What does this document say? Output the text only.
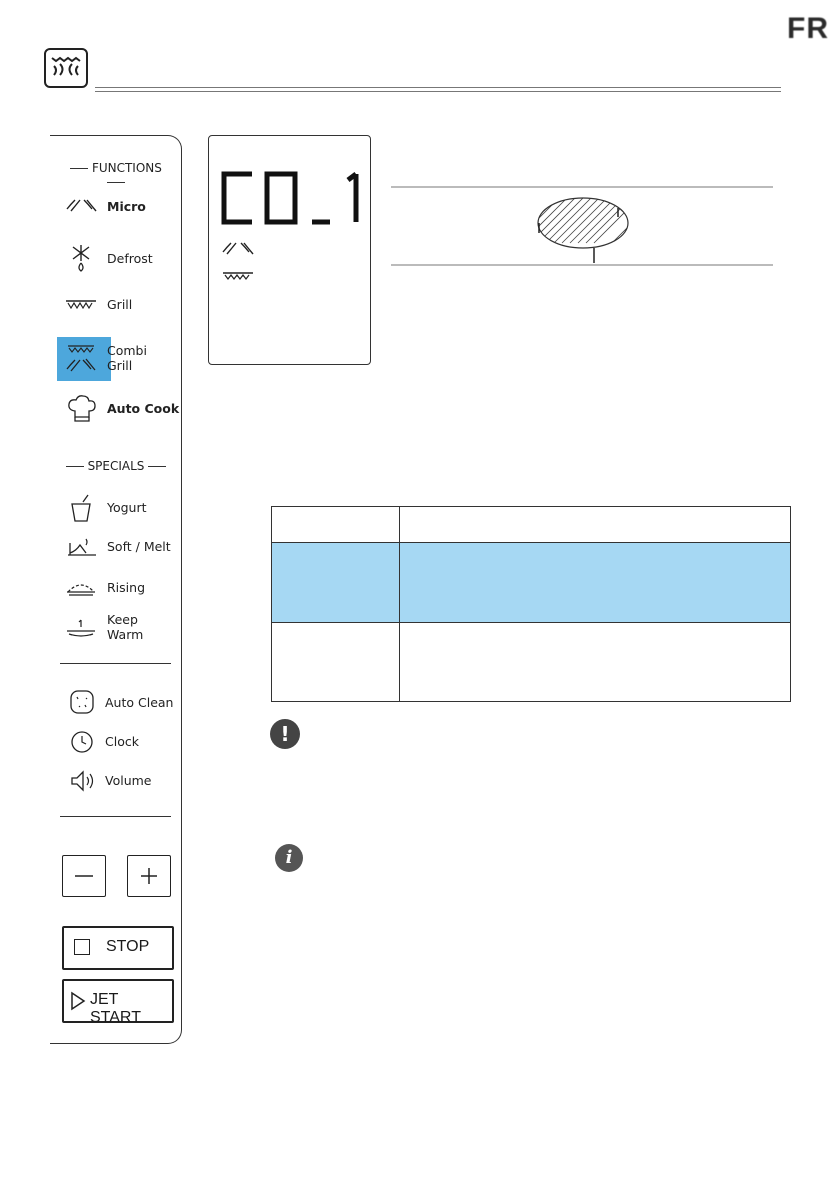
FR
FUNCTIONS
Micro
Defrost
Grill
Combi
Grill
Auto Cook
SPECIALS
Yogurt
Soft / Melt
Rising
Keep
Warm
Auto Clean
Clock
Volume
STOP
JET START
!
i
